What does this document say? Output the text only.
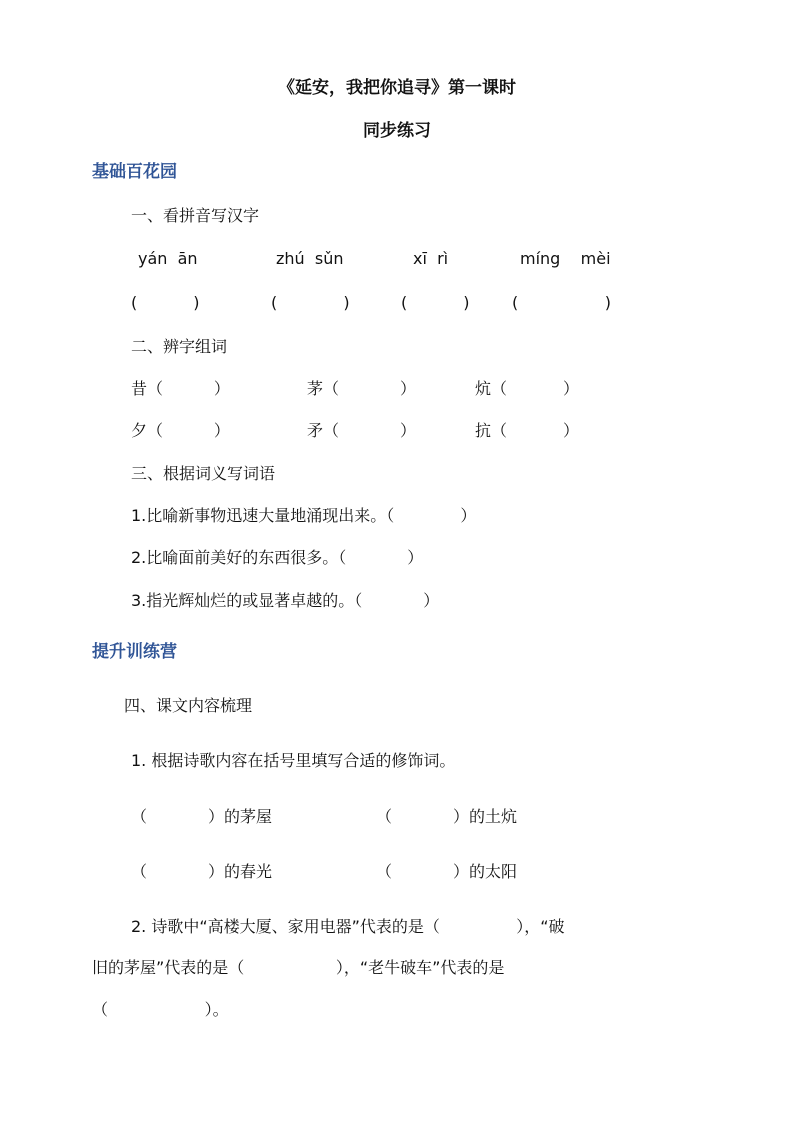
《延安，我把你追寻》第一课时
同步练习
基础百花园
一、看拼音写汉字
yán  ān	zhú  sǔn	xī  rì	míng    mèi
(           )	(             )	(           )	(                 )
二、辨字组词
昔（          ）	茅（            ）	炕（           ）
夕（          ）	矛（            ）	抗（           ）
三、根据词义写词语
1.比喻新事物迅速大量地涌现出来。（             ）
2.比喻面前美好的东西很多。（            ）
3.指光辉灿烂的或显著卓越的。（            ）
提升训练营
四、课文内容梳理
1. 根据诗歌内容在括号里填写合适的修饰词。
（            ）的茅屋	（            ）的土炕
（            ）的春光	（            ）的太阳
2. 诗歌中“高楼大厦、家用电器”代表的是（               ），“破
旧的茅屋”代表的是（                  ），“老牛破车”代表的是
（                   ）。
